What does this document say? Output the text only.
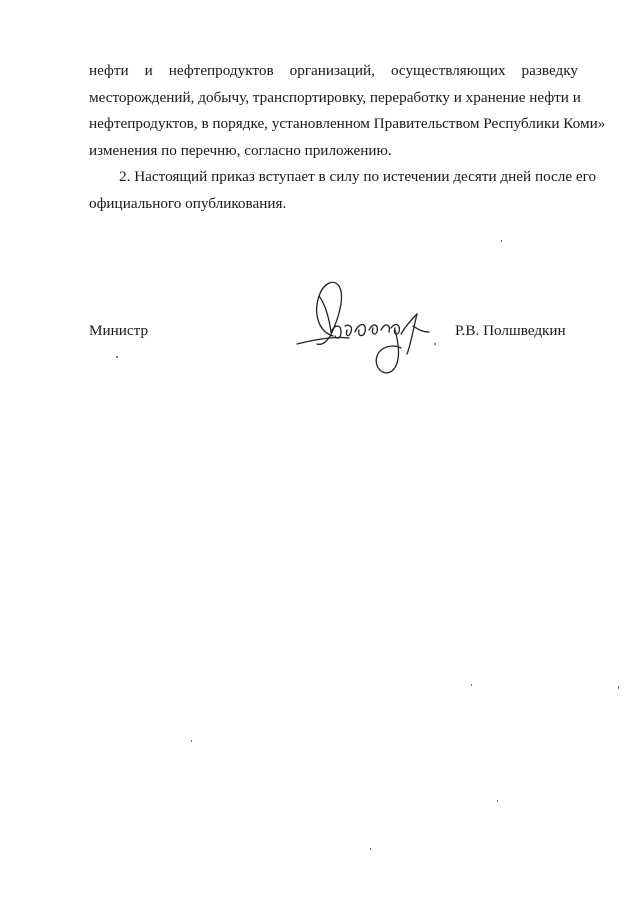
нефти и нефтепродуктов организаций, осуществляющих разведку
месторождений, добычу, транспортировку, переработку и хранение нефти и
нефтепродуктов, в порядке, установленном Правительством Республики Коми»
изменения по перечню, согласно приложению.
2. Настоящий приказ вступает в силу по истечении десяти дней после его
официального опубликования.
Министр	Р.В. Полшведкин
